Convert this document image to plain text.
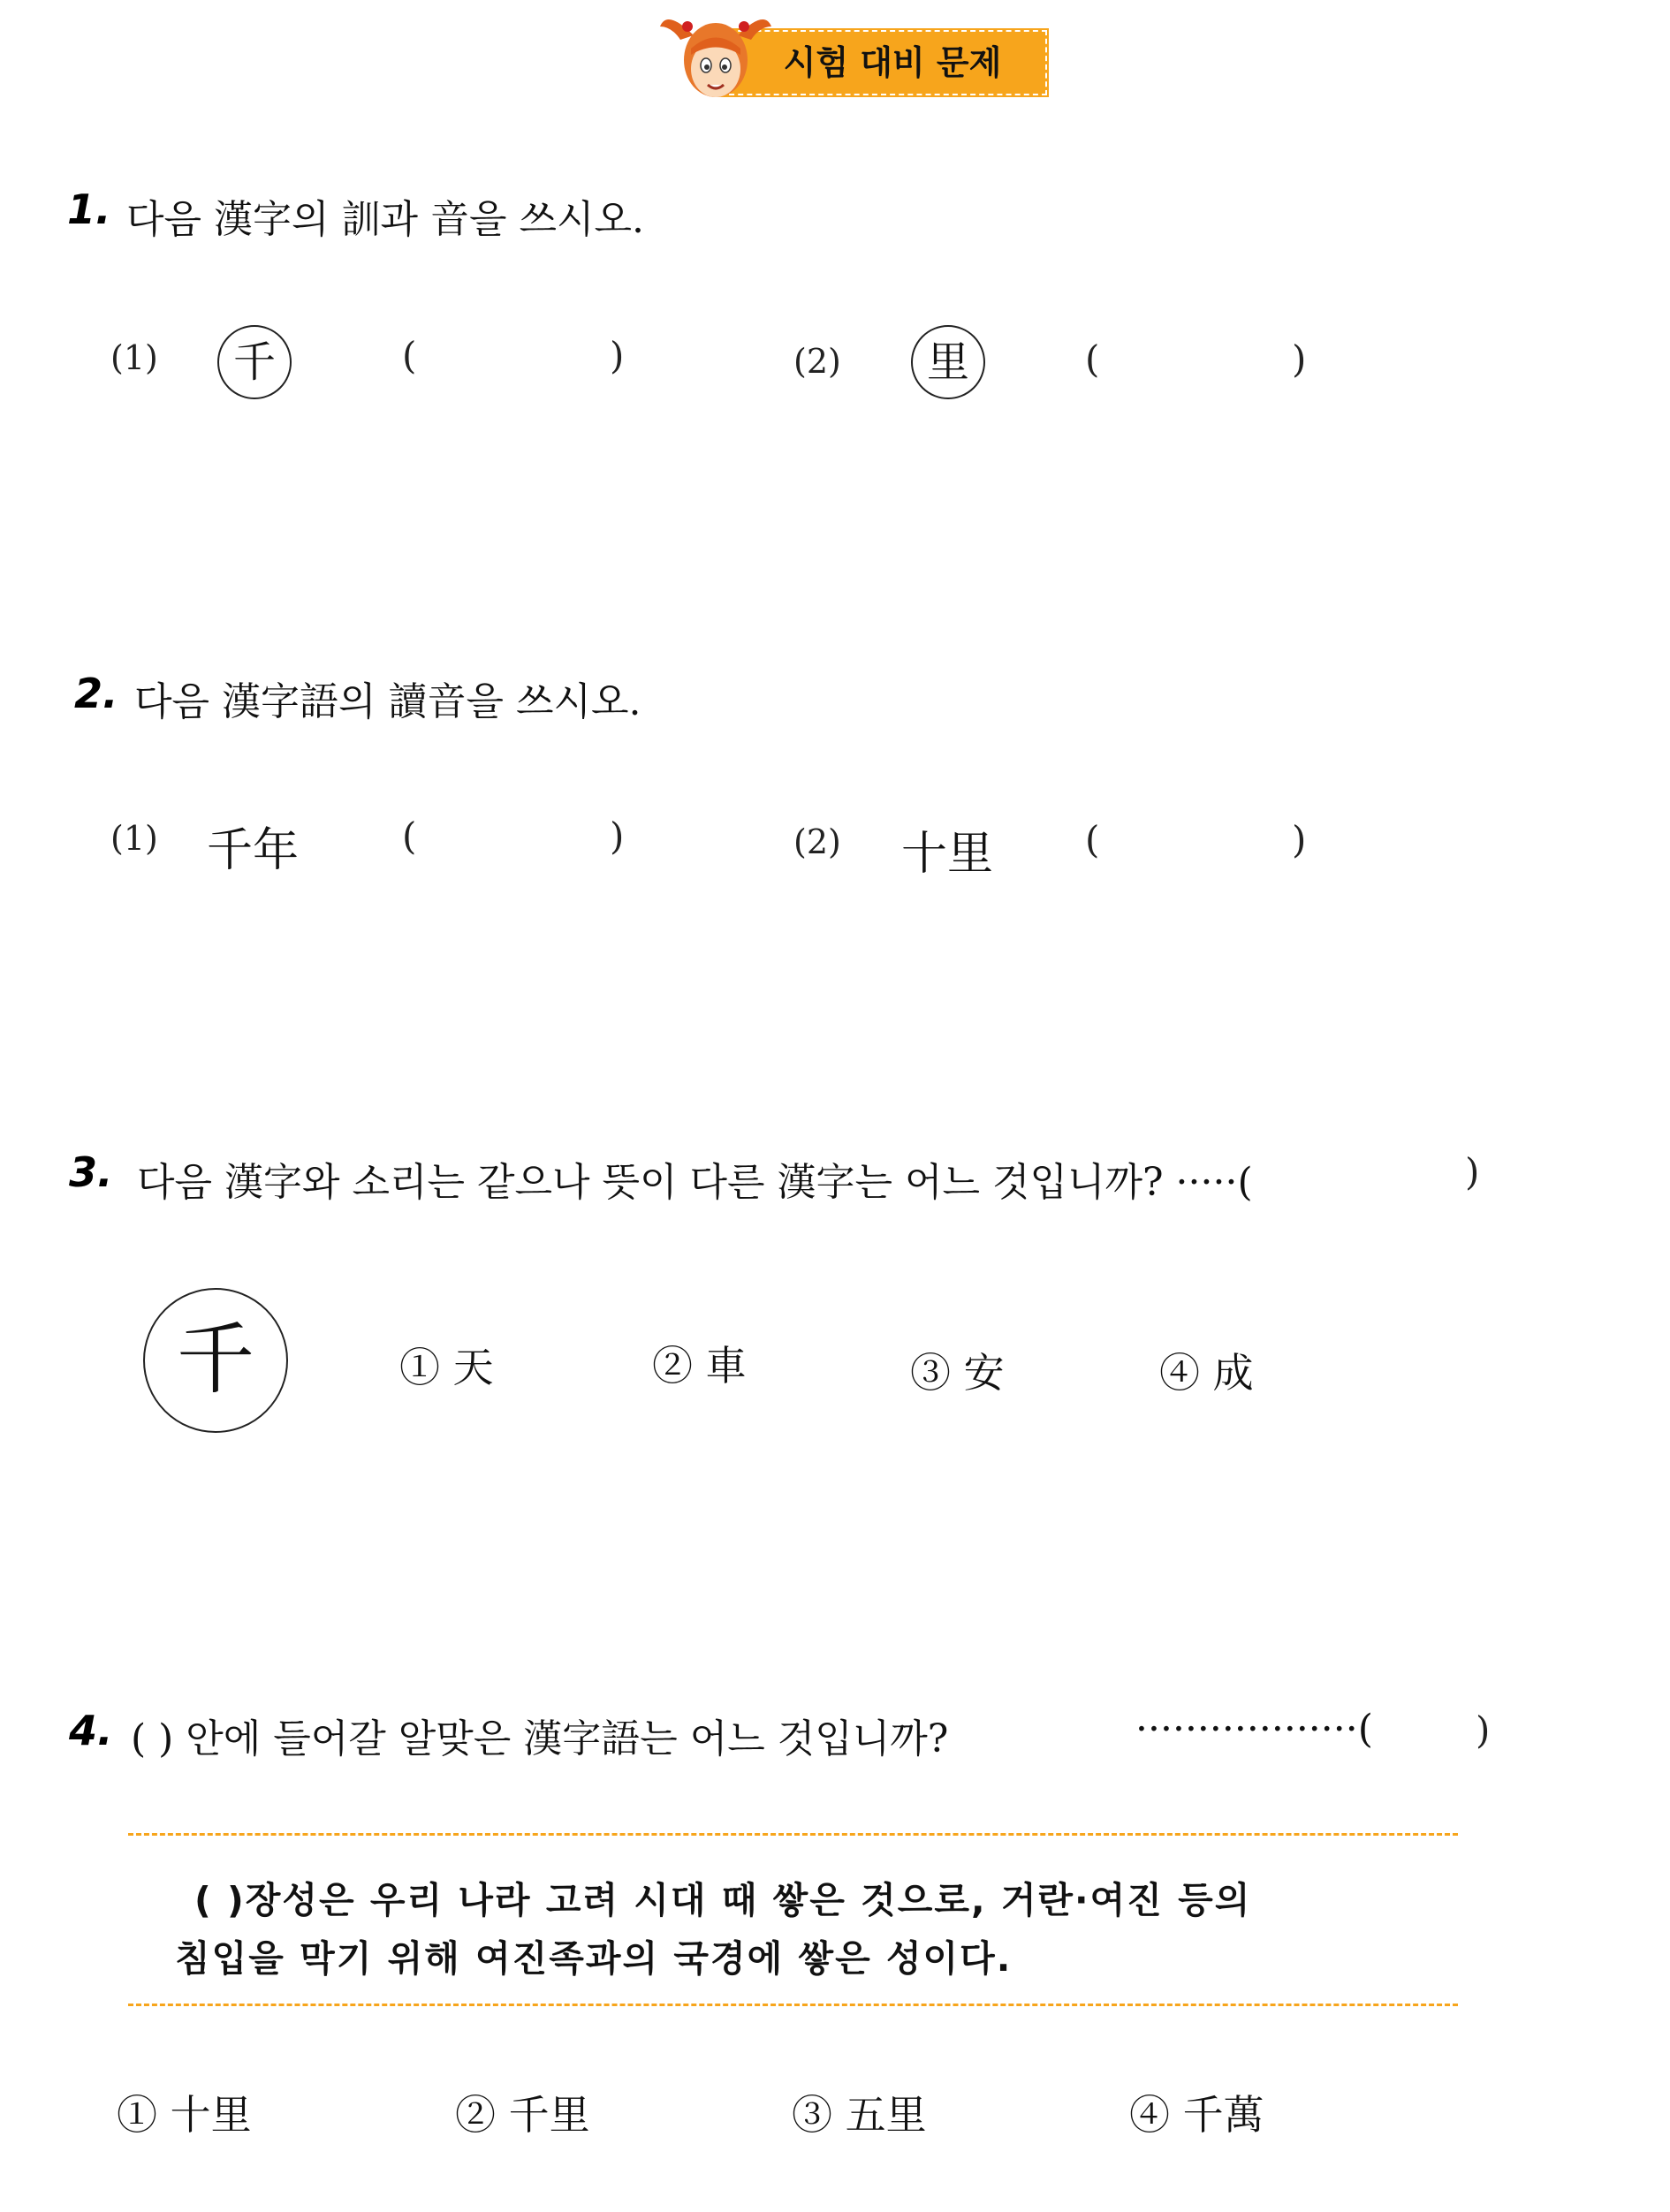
시험 대비 문제
1. 다음 漢字의 訓과 音을 쓰시오.
(1)	千	(	)	(2)	里	(	)
2. 다음 漢字語의 讀音을 쓰시오.
(1) 千年	(	)	(2) 十里 (	)
3. 다음 漢字와 소리는 같으나 뜻이 다른 漢字는 어느 것입니까? ·····(	)
千	① 天	② 車	③ 安	④ 成
4. ( ) 안에 들어갈 알맞은 漢字語는 어느 것입니까?	··················(	)
( )장성은 우리 나라 고려 시대 때 쌓은 것으로, 거란·여진 등의
침입을 막기 위해 여진족과의 국경에 쌓은 성이다.
① 十里	② 千里	③ 五里	④ 千萬
